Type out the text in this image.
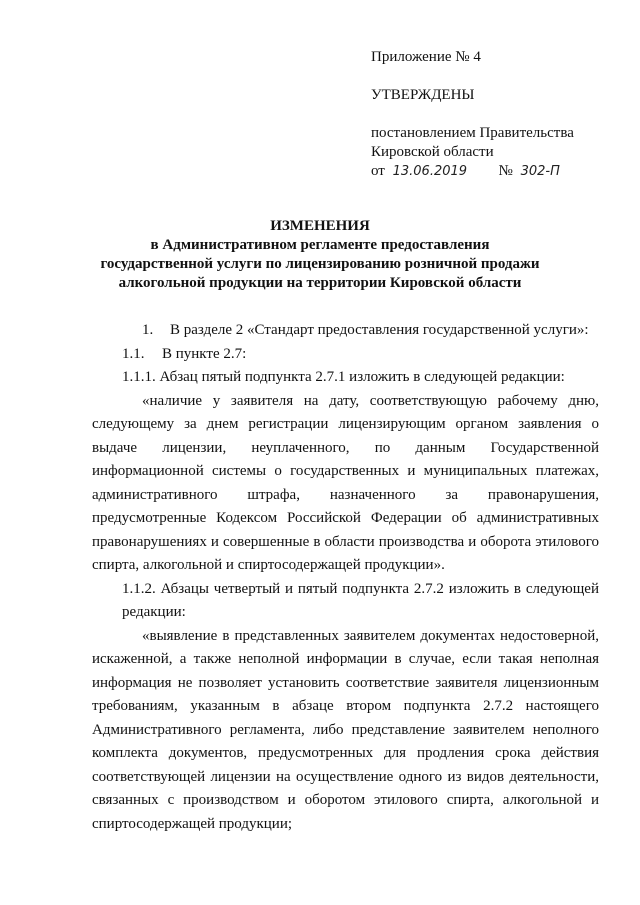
Приложение № 4
УТВЕРЖДЕНЫ
постановлением Правительства
Кировской области
от 13.06.2019 № 302-П
ИЗМЕНЕНИЯ
в Административном регламенте предоставления
государственной услуги по лицензированию розничной продажи
алкогольной продукции на территории Кировской области

1. В разделе 2 «Стандарт предоставления государственной услуги»:

1.1. В пункте 2.7:

1.1.1. Абзац пятый подпункта 2.7.1 изложить в следующей редакции:

«наличие у заявителя на дату, соответствующую рабочему дню, следующему за днем регистрации лицензирующим органом заявления о выдаче лицензии, неуплаченного, по данным Государственной информационной системы о государственных и муниципальных платежах, административного штрафа, назначенного за правонарушения, предусмотренные Кодексом Российской Федерации об административных правонарушениях и совершенные в области производства и оборота этилового спирта, алкогольной и спиртосодержащей продукции».

1.1.2. Абзацы четвертый и пятый подпункта 2.7.2 изложить в следующей редакции:

«выявление в представленных заявителем документах недостоверной, искаженной, а также неполной информации в случае, если такая неполная информация не позволяет установить соответствие заявителя лицензионным требованиям, указанным в абзаце втором подпункта 2.7.2 настоящего Административного регламента, либо представление заявителем неполного комплекта документов, предусмотренных для продления срока действия соответствующей лицензии на осуществление одного из видов деятельности, связанных с производством и оборотом этилового спирта, алкогольной и спиртосодержащей продукции;
